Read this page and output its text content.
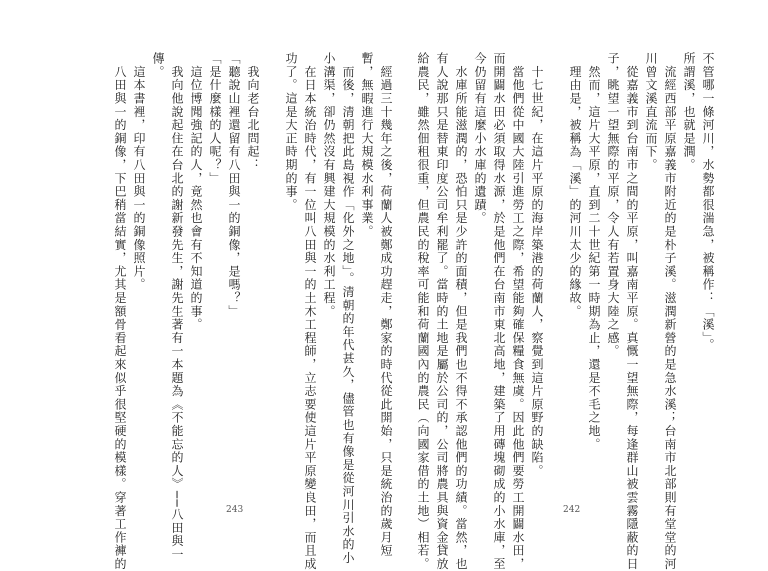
　經過三十幾年之後，荷蘭人被鄭成功趕走，鄭家的時代從此開始，只是統治的歲月短
暫，無暇進行大規模水利事業。
　而後，清朝把此島視作「化外之地」。清朝的年代甚久，儘管也有像是從河川引水的小
小溝渠，卻仍然沒有興建大規模的水利工程。
　在日本統治時代，有一位叫八田與一的土木工程師，立志要使這片平原變良田，而且成
功了。這是大正時期的事。

　我向老台北問起：
「聽說山裡還留有八田與一的銅像，是嗎？」
「是什麼樣的人呢？」
　這位博聞強記的人，竟然也會有不知道的事。
　我向他說起住在台北的謝新發先生，謝先生著有一本題為《不能忘的人》──八田與一
傳。
　這本書裡，印有八田與一的銅像照片。
　八田與一的銅像，下巴稍當結實，尤其是額骨看起來似乎很堅硬的模樣。穿著工作褲的	不管哪一條河川，水勢都很湍急，被稱作：「溪」。
所謂溪，也就是澗。
　流經西部平原嘉義市附近的是朴子溪。滋潤新營的是急水溪；台南市北部則有堂堂的河
川曾文溪直流而下。
　從嘉義市到台南市之間的平原，叫嘉南平原。真慨一望無際，每逢群山被雲霧隱蔽的日
子，眺望一望無際的平原，令人有若置身大陸之感。
　然而，這片大平原，直到二十世紀第一時期為止，還是不毛之地。
　理由是，被稱為「溪」的河川太少的緣故。

　十七世紀，在這片平原的海岸築港的荷蘭人，察覺到這片原野的缺陷。
　當他們從中國大陸引進勞工之際，希望能夠確保糧食無虞。因此他們要勞工開闢水田，
而開闢水田必須取得水源，於是他們在台南市東北高地，建築了用磚塊砌成的小水庫，至
今仍留有這麼小水庫的遺蹟。
　水庫所能滋潤的，恐怕只是少許的面積，但是我們也不得不承認他們的功績。當然，也
有人說那只是替東印度公司牟利罷了。當時的土地是屬於公司的，公司將農具與資金貸放
給農民，雖然佃租很重，但農民的稅率可能和荷蘭國內的農民（向國家借的土地）相若。
243	242
